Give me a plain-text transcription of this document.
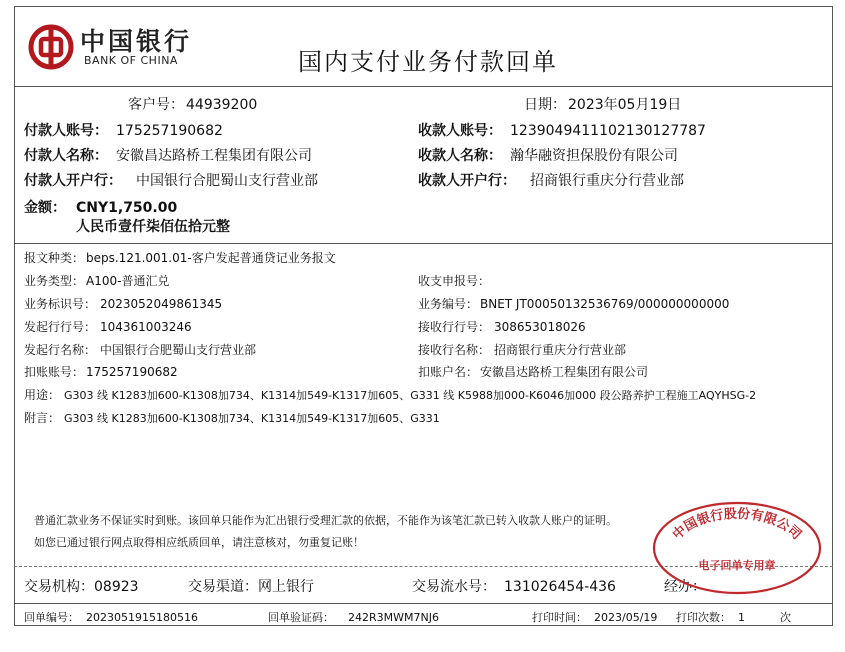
中国银行
BANK OF CHINA	国内支付业务付款回单
客户号： 44939200	日期： 2023年05月19日
付款人账号： 175257190682	收款人账号： 1239049411102130127787
付款人名称： 安徽昌达路桥工程集团有限公司	收款人名称： 瀚华融资担保股份有限公司
付款人开户行： 中国银行合肥蜀山支行营业部	收款人开户行： 招商银行重庆分行营业部
金额： CNY1,750.00
人民币壹仟柒佰伍拾元整
报文种类： beps.121.001.01-客户发起普通贷记业务报文
业务类型： A100-普通汇兑	收支申报号：
业务标识号： 2023052049861345	业务编号： BNET JT00050132536769/000000000000
发起行行号： 104361003246	接收行行号： 308653018026
发起行名称： 中国银行合肥蜀山支行营业部	接收行名称： 招商银行重庆分行营业部
扣账账号： 175257190682	扣账户名： 安徽昌达路桥工程集团有限公司
用途： G303 线 K1283加600-K1308加734、K1314加549-K1317加605、G331 线 K5988加000-K6046加000 段公路养护工程施工AQYHSG-2
附言： G303 线 K1283加600-K1308加734、K1314加549-K1317加605、G331
普通汇款业务不保证实时到账。该回单只能作为汇出银行受理汇款的依据，不能作为该笔汇款已转入收款人账户的证明。
如您已通过银行网点取得相应纸质回单，请注意核对，勿重复记账！
交易机构： 08923	交易渠道： 网上银行	交易流水号： 131026454-436	经办：
回单编号： 2023051915180516	回单验证码： 242R3MWM7NJ6	打印时间： 2023/05/19 打印次数： 1	次
中国银行股份有限公司
电子回单专用章
